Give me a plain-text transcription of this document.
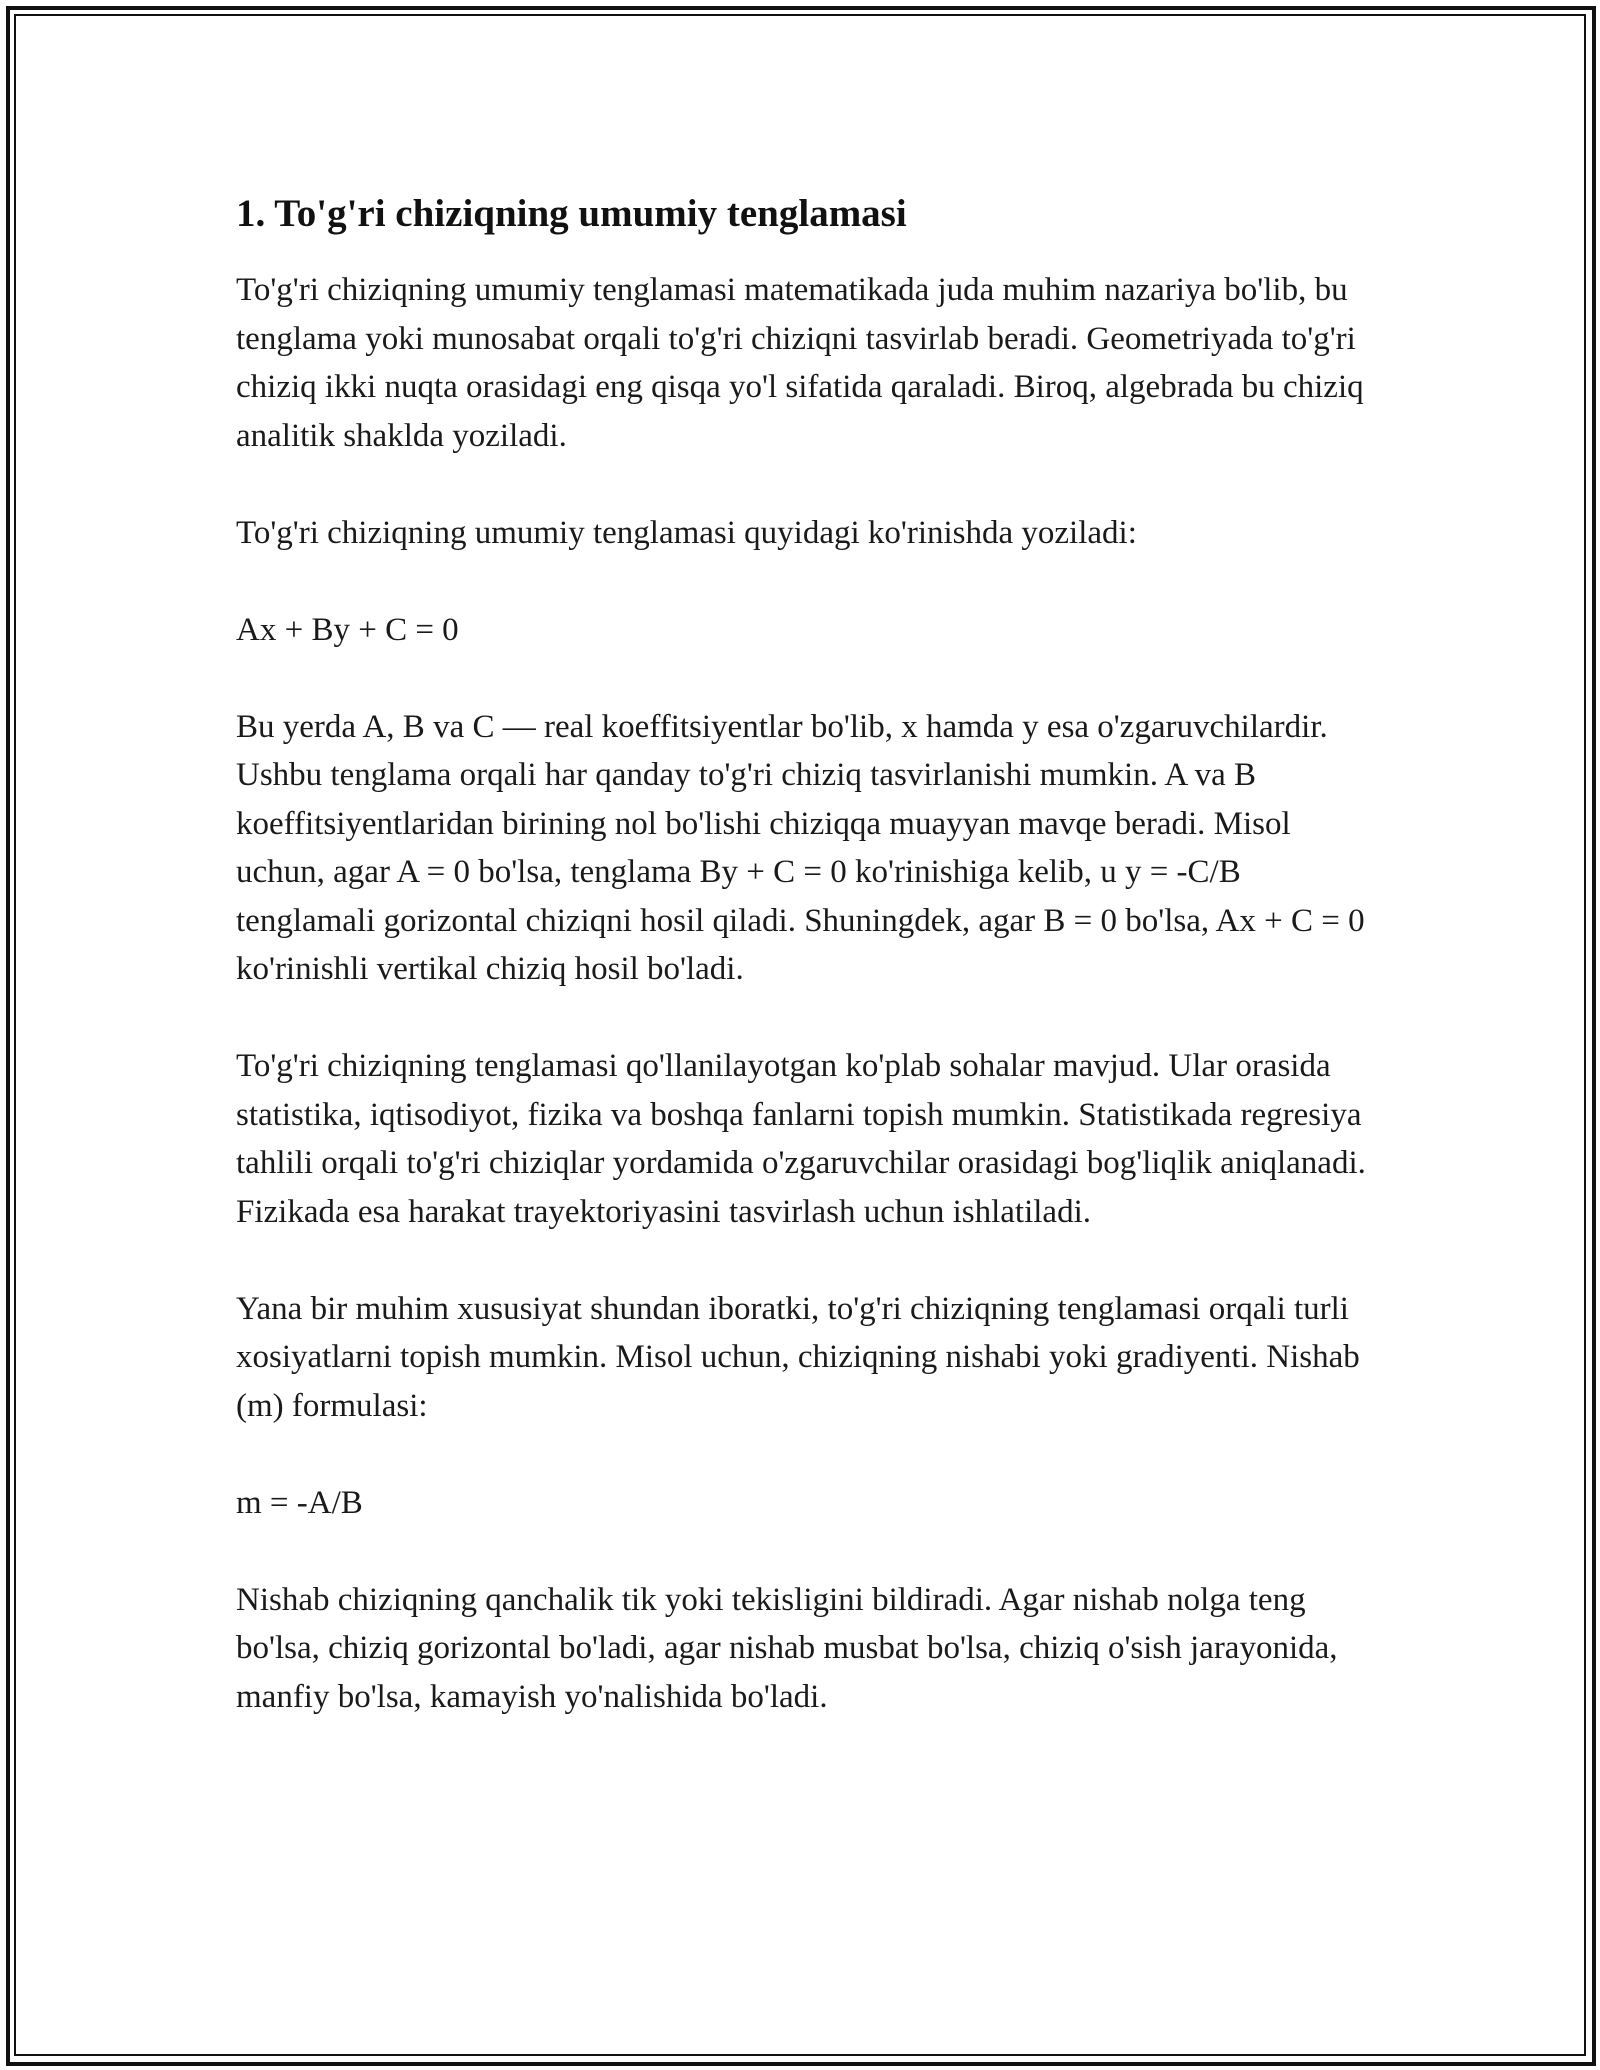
1. To'g'ri chiziqning umumiy tenglamasi

To'g'ri chiziqning umumiy tenglamasi matematikada juda muhim nazariya bo'lib, bu tenglama yoki munosabat orqali to'g'ri chiziqni tasvirlab beradi. Geometriyada to'g'ri chiziq ikki nuqta orasidagi eng qisqa yo'l sifatida qaraladi. Biroq, algebrada bu chiziq analitik shaklda yoziladi.

To'g'ri chiziqning umumiy tenglamasi quyidagi ko'rinishda yoziladi:

Ax + By + C = 0

Bu yerda A, B va C — real koeffitsiyentlar bo'lib, x hamda y esa o'zgaruvchilardir. Ushbu tenglama orqali har qanday to'g'ri chiziq tasvirlanishi mumkin. A va B koeffitsiyentlaridan birining nol bo'lishi chiziqqa muayyan mavqe beradi. Misol uchun, agar A = 0 bo'lsa, tenglama By + C = 0 ko'rinishiga kelib, u y = -C/B tenglamali gorizontal chiziqni hosil qiladi. Shuningdek, agar B = 0 bo'lsa, Ax + C = 0 ko'rinishli vertikal chiziq hosil bo'ladi.

To'g'ri chiziqning tenglamasi qo'llanilayotgan ko'plab sohalar mavjud. Ular orasida statistika, iqtisodiyot, fizika va boshqa fanlarni topish mumkin. Statistikada regresiya tahlili orqali to'g'ri chiziqlar yordamida o'zgaruvchilar orasidagi bog'liqlik aniqlanadi. Fizikada esa harakat trayektoriyasini tasvirlash uchun ishlatiladi.

Yana bir muhim xususiyat shundan iboratki, to'g'ri chiziqning tenglamasi orqali turli xosiyatlarni topish mumkin. Misol uchun, chiziqning nishabi yoki gradiyenti. Nishab (m) formulasi:

m = -A/B

Nishab chiziqning qanchalik tik yoki tekisligini bildiradi. Agar nishab nolga teng bo'lsa, chiziq gorizontal bo'ladi, agar nishab musbat bo'lsa, chiziq o'sish jarayonida, manfiy bo'lsa, kamayish yo'nalishida bo'ladi.
